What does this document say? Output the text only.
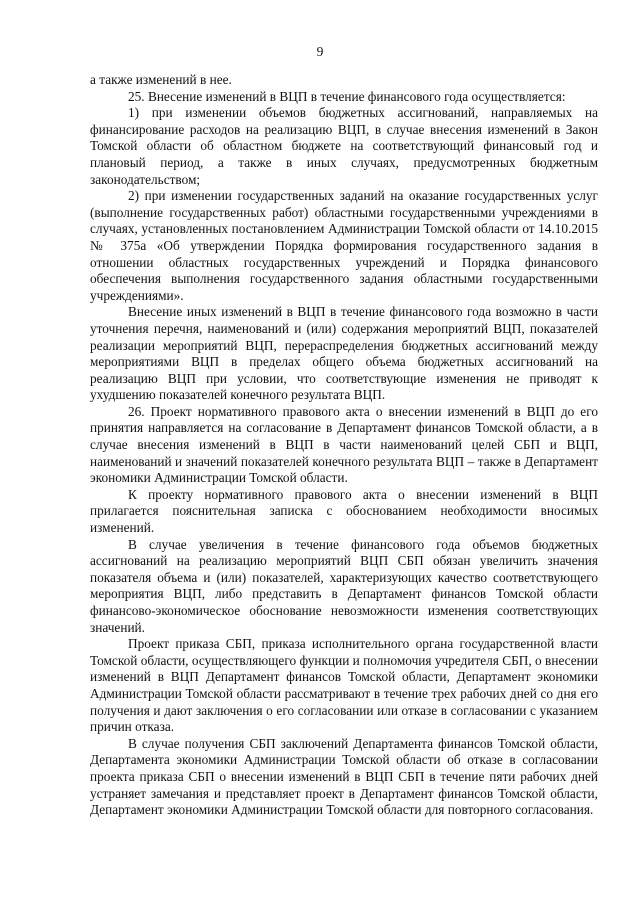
9

а также изменений в нее.

25. Внесение изменений в ВЦП в течение финансового года осуществляется:

1) при изменении объемов бюджетных ассигнований, направляемых на финансирование расходов на реализацию ВЦП, в случае внесения изменений в Закон Томской области об областном бюджете на соответствующий финансовый год и плановый период, а также в иных случаях, предусмотренных бюджетным законодательством;

2) при изменении государственных заданий на оказание государственных услуг (выполнение государственных работ) областными государственными учреждениями в случаях, установленных постановлением Администрации Томской области от 14.10.2015 № 375а «Об утверждении Порядка формирования государственного задания в отношении областных государственных учреждений и Порядка финансового обеспечения выполнения государственного задания областными государственными учреждениями».

Внесение иных изменений в ВЦП в течение финансового года возможно в части уточнения перечня, наименований и (или) содержания мероприятий ВЦП, показателей реализации мероприятий ВЦП, перераспределения бюджетных ассигнований между мероприятиями ВЦП в пределах общего объема бюджетных ассигнований на реализацию ВЦП при условии, что соответствующие изменения не приводят к ухудшению показателей конечного результата ВЦП.

26. Проект нормативного правового акта о внесении изменений в ВЦП до его принятия направляется на согласование в Департамент финансов Томской области, а в случае внесения изменений в ВЦП в части наименований целей СБП и ВЦП, наименований и значений показателей конечного результата ВЦП – также в Департамент экономики Администрации Томской области.

К проекту нормативного правового акта о внесении изменений в ВЦП прилагается пояснительная записка с обоснованием необходимости вносимых изменений.

В случае увеличения в течение финансового года объемов бюджетных ассигнований на реализацию мероприятий ВЦП СБП обязан увеличить значения показателя объема и (или) показателей, характеризующих качество соответствующего мероприятия ВЦП, либо представить в Департамент финансов Томской области финансово-экономическое обоснование невозможности изменения соответствующих значений.

Проект приказа СБП, приказа исполнительного органа государственной власти Томской области, осуществляющего функции и полномочия учредителя СБП, о внесении изменений в ВЦП Департамент финансов Томской области, Департамент экономики Администрации Томской области рассматривают в течение трех рабочих дней со дня его получения и дают заключения о его согласовании или отказе в согласовании с указанием причин отказа.

В случае получения СБП заключений Департамента финансов Томской области, Департамента экономики Администрации Томской области об отказе в согласовании проекта приказа СБП о внесении изменений в ВЦП СБП в течение пяти рабочих дней устраняет замечания и представляет проект в Департамент финансов Томской области, Департамент экономики Администрации Томской области для повторного согласования.
